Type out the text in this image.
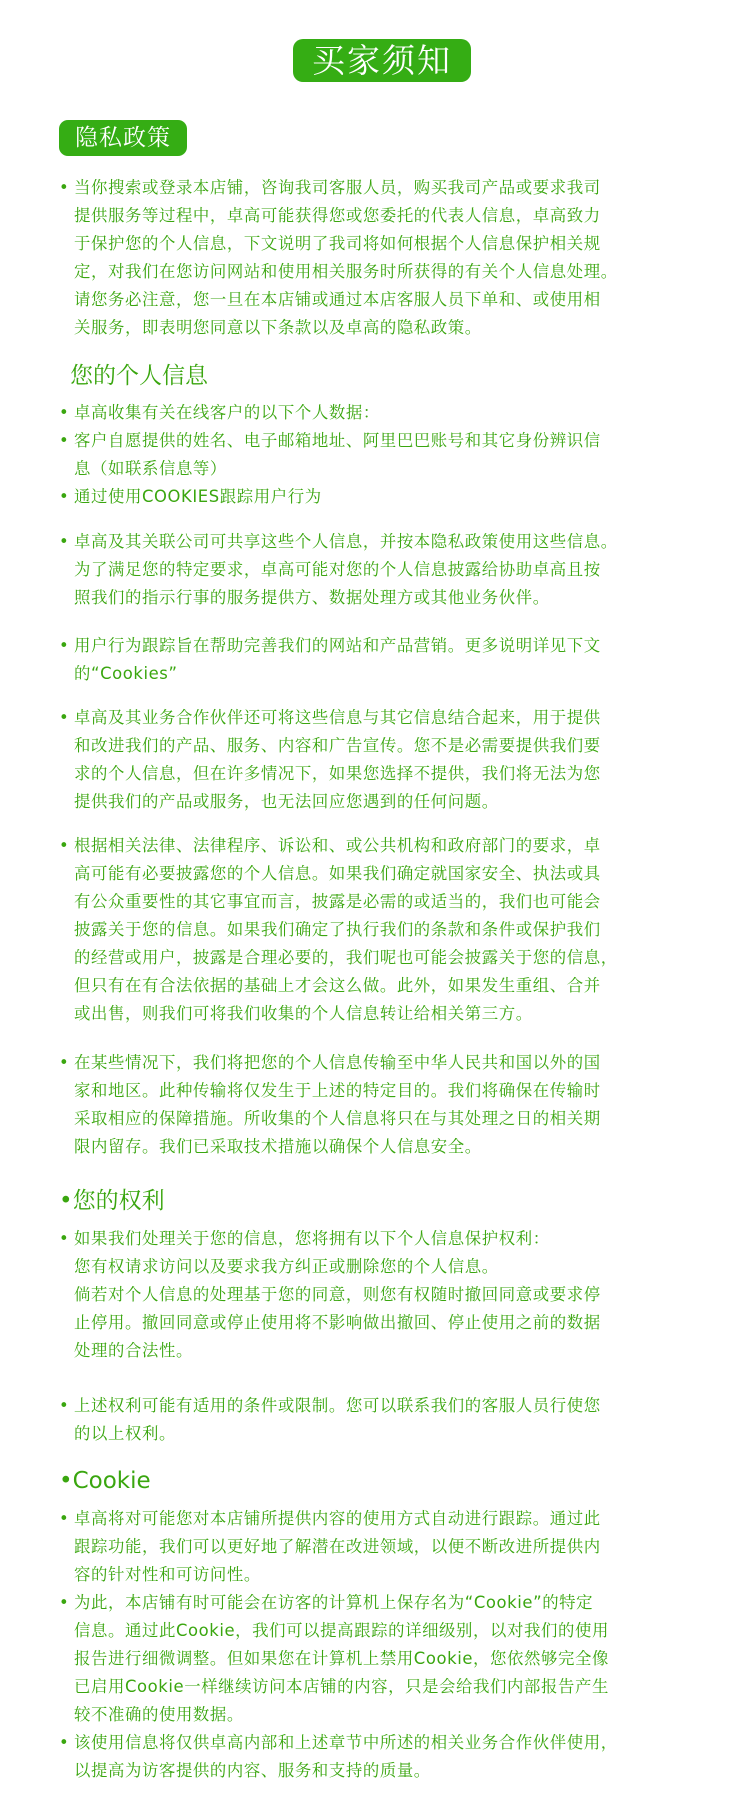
买家须知
隐私政策
• 当你搜索或登录本店铺，咨询我司客服人员，购买我司产品或要求我司
提供服务等过程中，卓高可能获得您或您委托的代表人信息，卓高致力
于保护您的个人信息，下文说明了我司将如何根据个人信息保护相关规
定，对我们在您访问网站和使用相关服务时所获得的有关个人信息处理。
请您务必注意，您一旦在本店铺或通过本店客服人员下单和、或使用相
关服务，即表明您同意以下条款以及卓高的隐私政策。
您的个人信息
• 卓高收集有关在线客户的以下个人数据：
• 客户自愿提供的姓名、电子邮箱地址、阿里巴巴账号和其它身份辨识信
息（如联系信息等）
• 通过使用COOKIES跟踪用户行为
• 卓高及其关联公司可共享这些个人信息，并按本隐私政策使用这些信息。
为了满足您的特定要求，卓高可能对您的个人信息披露给协助卓高且按
照我们的指示行事的服务提供方、数据处理方或其他业务伙伴。
• 用户行为跟踪旨在帮助完善我们的网站和产品营销。更多说明详见下文
的“Cookies”
• 卓高及其业务合作伙伴还可将这些信息与其它信息结合起来，用于提供
和改进我们的产品、服务、内容和广告宣传。您不是必需要提供我们要
求的个人信息，但在许多情况下，如果您选择不提供，我们将无法为您
提供我们的产品或服务，也无法回应您遇到的任何问题。
• 根据相关法律、法律程序、诉讼和、或公共机构和政府部门的要求，卓
高可能有必要披露您的个人信息。如果我们确定就国家安全、执法或具
有公众重要性的其它事宜而言，披露是必需的或适当的，我们也可能会
披露关于您的信息。如果我们确定了执行我们的条款和条件或保护我们
的经营或用户，披露是合理必要的，我们呢也可能会披露关于您的信息，
但只有在有合法依据的基础上才会这么做。此外，如果发生重组、合并
或出售，则我们可将我们收集的个人信息转让给相关第三方。
• 在某些情况下，我们将把您的个人信息传输至中华人民共和国以外的国
家和地区。此种传输将仅发生于上述的特定目的。我们将确保在传输时
采取相应的保障措施。所收集的个人信息将只在与其处理之日的相关期
限内留存。我们已采取技术措施以确保个人信息安全。
•您的权利
• 如果我们处理关于您的信息，您将拥有以下个人信息保护权利：
您有权请求访问以及要求我方纠正或删除您的个人信息。
倘若对个人信息的处理基于您的同意，则您有权随时撤回同意或要求停
止停用。撤回同意或停止使用将不影响做出撤回、停止使用之前的数据
处理的合法性。
• 上述权利可能有适用的条件或限制。您可以联系我们的客服人员行使您
的以上权利。
•Cookie
• 卓高将对可能您对本店铺所提供内容的使用方式自动进行跟踪。通过此
跟踪功能，我们可以更好地了解潜在改进领域，以便不断改进所提供内
容的针对性和可访问性。
• 为此，本店铺有时可能会在访客的计算机上保存名为“Cookie”的特定
信息。通过此Cookie，我们可以提高跟踪的详细级别，以对我们的使用
报告进行细微调整。但如果您在计算机上禁用Cookie，您依然够完全像
已启用Cookie一样继续访问本店铺的内容，只是会给我们内部报告产生
较不准确的使用数据。
• 该使用信息将仅供卓高内部和上述章节中所述的相关业务合作伙伴使用，
以提高为访客提供的内容、服务和支持的质量。
